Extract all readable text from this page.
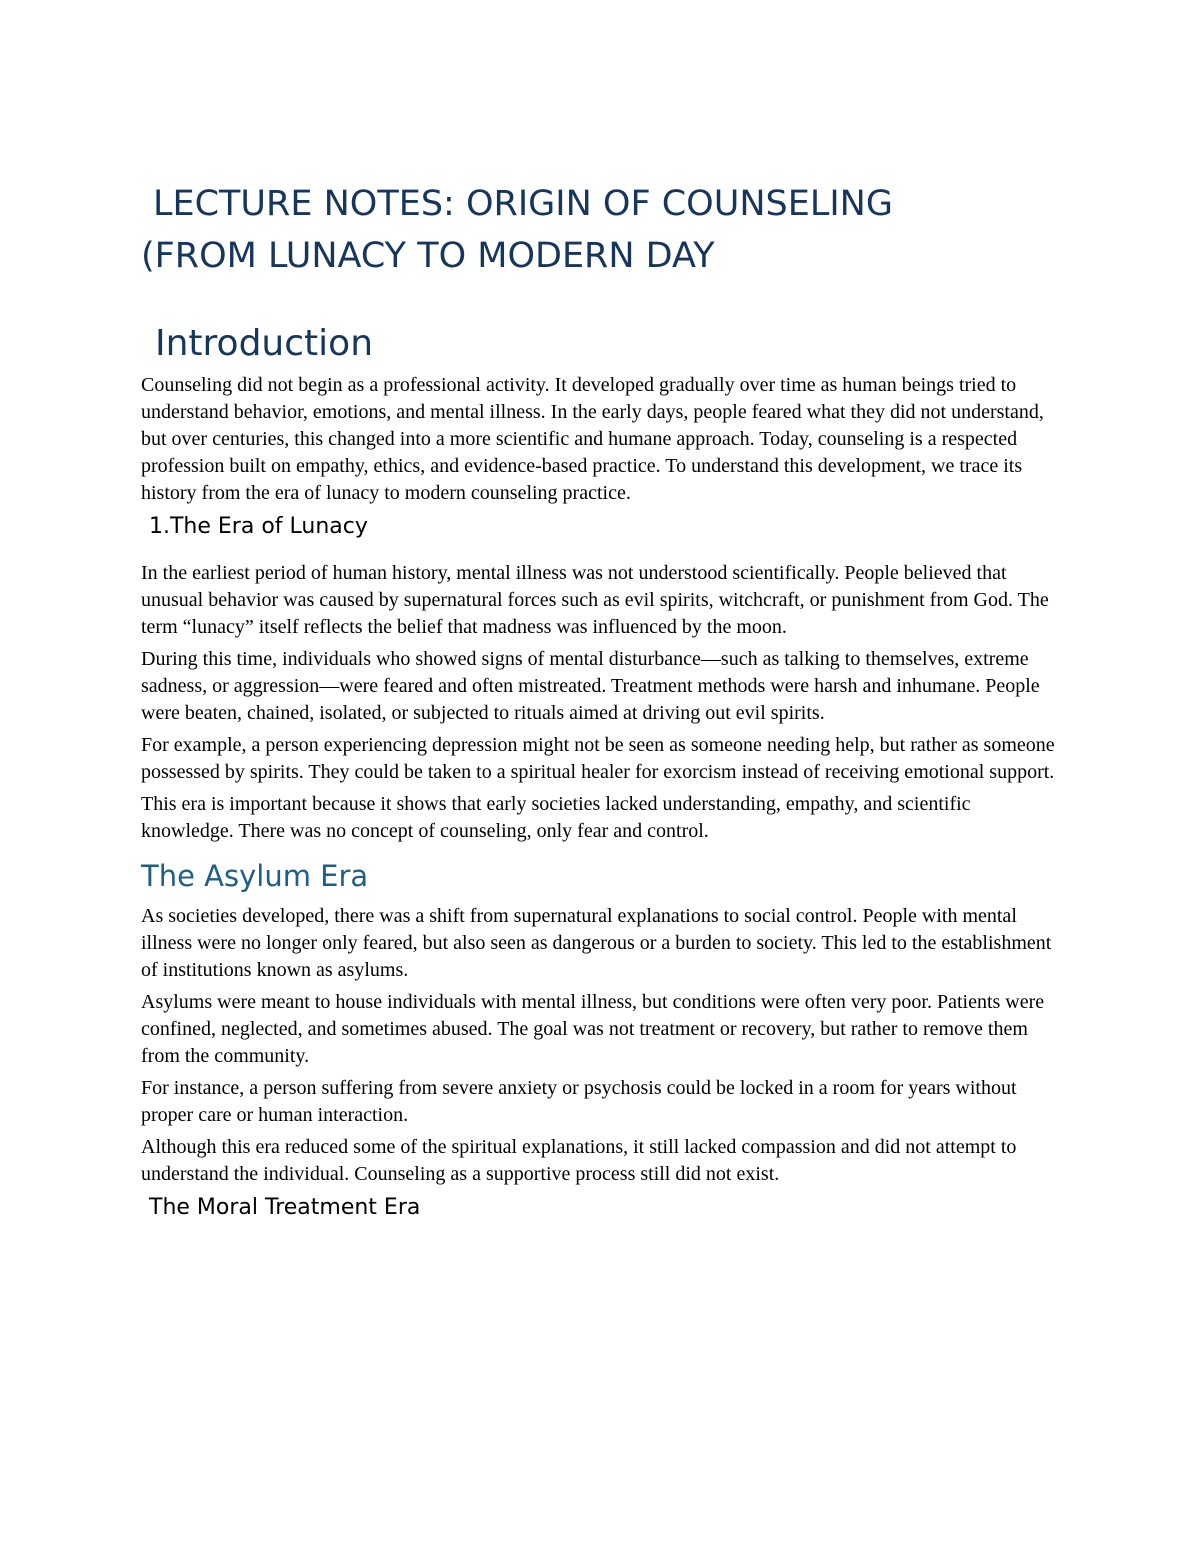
LECTURE NOTES: ORIGIN OF COUNSELING
(FROM LUNACY TO MODERN DAY
Introduction

Counseling did not begin as a professional activity. It developed gradually over time as human beings tried to understand behavior, emotions, and mental illness. In the early days, people feared what they did not understand, but over centuries, this changed into a more scientific and humane approach. Today, counseling is a respected profession built on empathy, ethics, and evidence-based practice. To understand this development, we trace its history from the era of lunacy to modern counseling practice.

1.The Era of Lunacy

In the earliest period of human history, mental illness was not understood scientifically. People believed that unusual behavior was caused by supernatural forces such as evil spirits, witchcraft, or punishment from God. The term “lunacy” itself reflects the belief that madness was influenced by the moon.

During this time, individuals who showed signs of mental disturbance—such as talking to themselves, extreme sadness, or aggression—were feared and often mistreated. Treatment methods were harsh and inhumane. People were beaten, chained, isolated, or subjected to rituals aimed at driving out evil spirits.

For example, a person experiencing depression might not be seen as someone needing help, but rather as someone possessed by spirits. They could be taken to a spiritual healer for exorcism instead of receiving emotional support.

This era is important because it shows that early societies lacked understanding, empathy, and scientific knowledge. There was no concept of counseling, only fear and control.

The Asylum Era

As societies developed, there was a shift from supernatural explanations to social control. People with mental illness were no longer only feared, but also seen as dangerous or a burden to society. This led to the establishment of institutions known as asylums.

Asylums were meant to house individuals with mental illness, but conditions were often very poor. Patients were confined, neglected, and sometimes abused. The goal was not treatment or recovery, but rather to remove them from the community.

For instance, a person suffering from severe anxiety or psychosis could be locked in a room for years without proper care or human interaction.

Although this era reduced some of the spiritual explanations, it still lacked compassion and did not attempt to understand the individual. Counseling as a supportive process still did not exist.

The Moral Treatment Era
